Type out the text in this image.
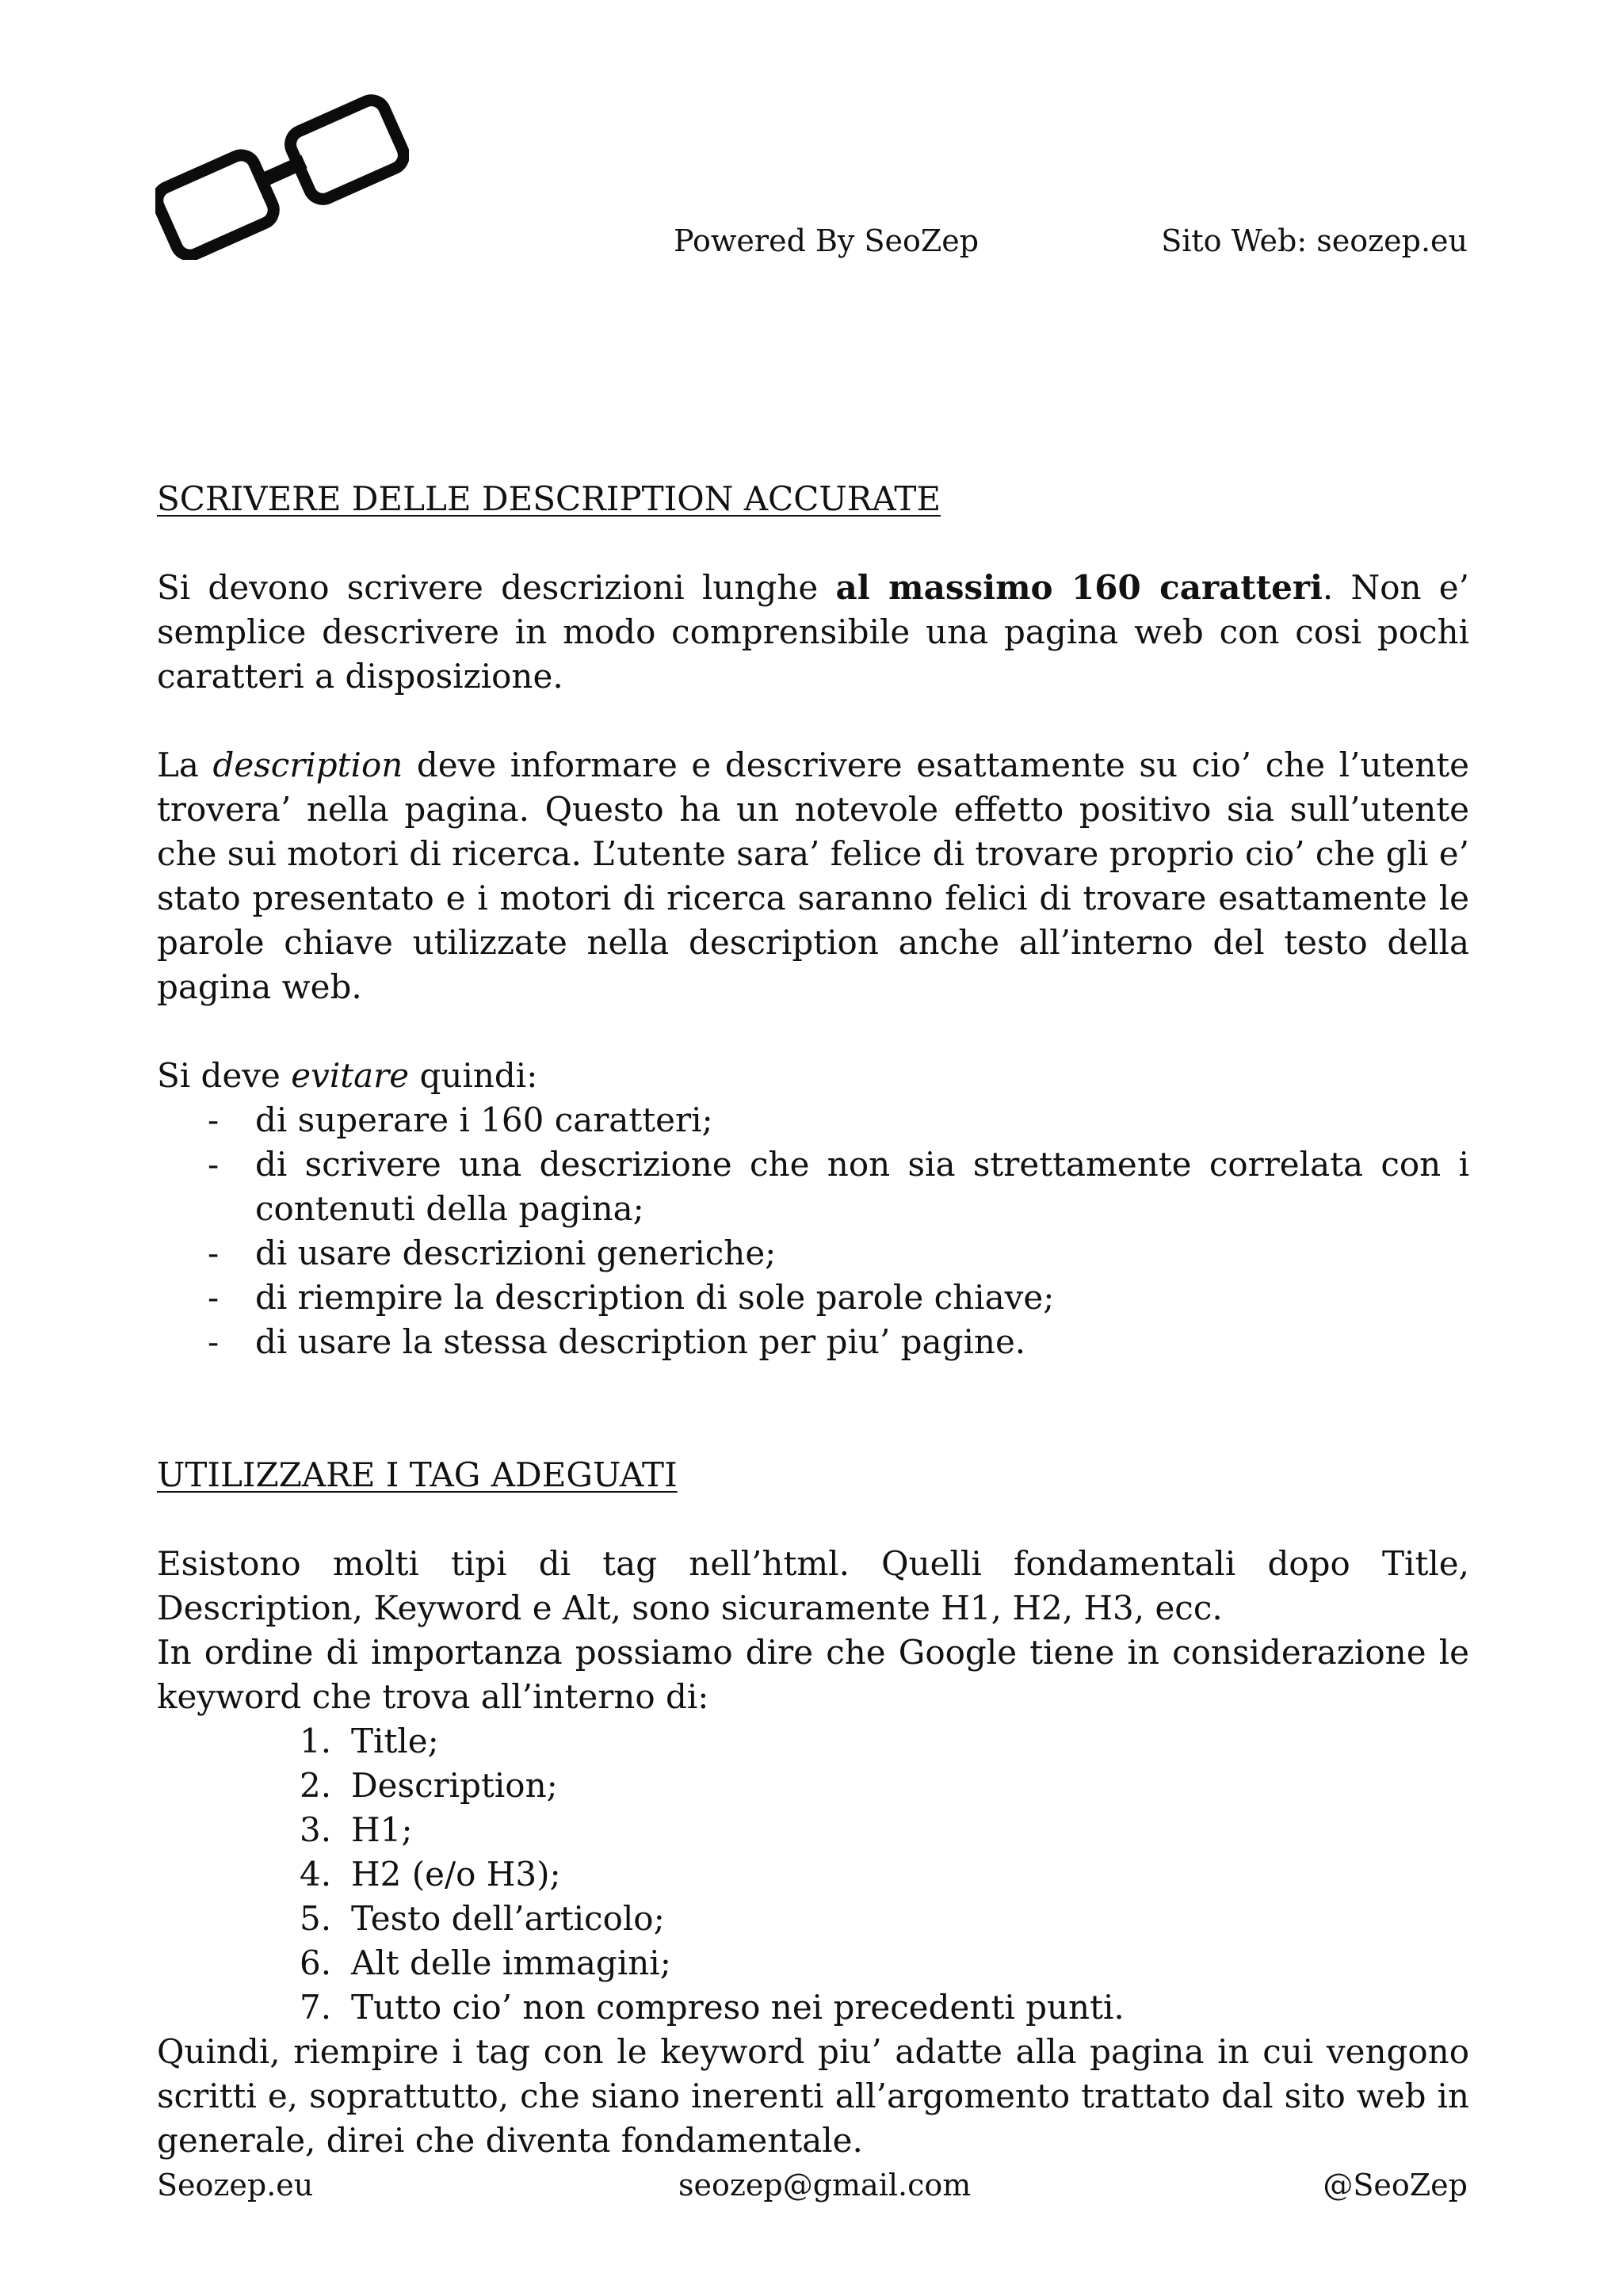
Powered By SeoZep	Sito Web: seozep.eu
SCRIVERE DELLE DESCRIPTION ACCURATE

Si devono scrivere descrizioni lunghe al massimo 160 caratteri. Non e’ semplice descrivere in modo comprensibile una pagina web con cosi pochi caratteri a disposizione.

La description deve informare e descrivere esattamente su cio’ che l’utente trovera’ nella pagina. Questo ha un notevole effetto positivo sia sull’utente che sui motori di ricerca. L’utente sara’ felice di trovare proprio cio’ che gli e’ stato presentato e i motori di ricerca saranno felici di trovare esattamente le parole chiave utilizzate nella description anche all’interno del testo della pagina web.

Si deve evitare quindi:

- di superare i 160 caratteri;
- di scrivere una descrizione che non sia strettamente correlata con i contenuti della pagina;
- di usare descrizioni generiche;
- di riempire la description di sole parole chiave;
- di usare la stessa description per piu’ pagine.
UTILIZZARE I TAG ADEGUATI

Esistono molti tipi di tag nell’html. Quelli fondamentali dopo Title, Description, Keyword e Alt, sono sicuramente H1, H2, H3, ecc.

In ordine di importanza possiamo dire che Google tiene in considerazione le keyword che trova all’interno di:

1. Title;
2. Description;
3. H1;
4. H2 (e/o H3);
5. Testo dell’articolo;
6. Alt delle immagini;
7. Tutto cio’ non compreso nei precedenti punti.

Quindi, riempire i tag con le keyword piu’ adatte alla pagina in cui vengono scritti e, soprattutto, che siano inerenti all’argomento trattato dal sito web in generale, direi che diventa fondamentale.

Seozep.eu	seozep@gmail.com	@SeoZep
